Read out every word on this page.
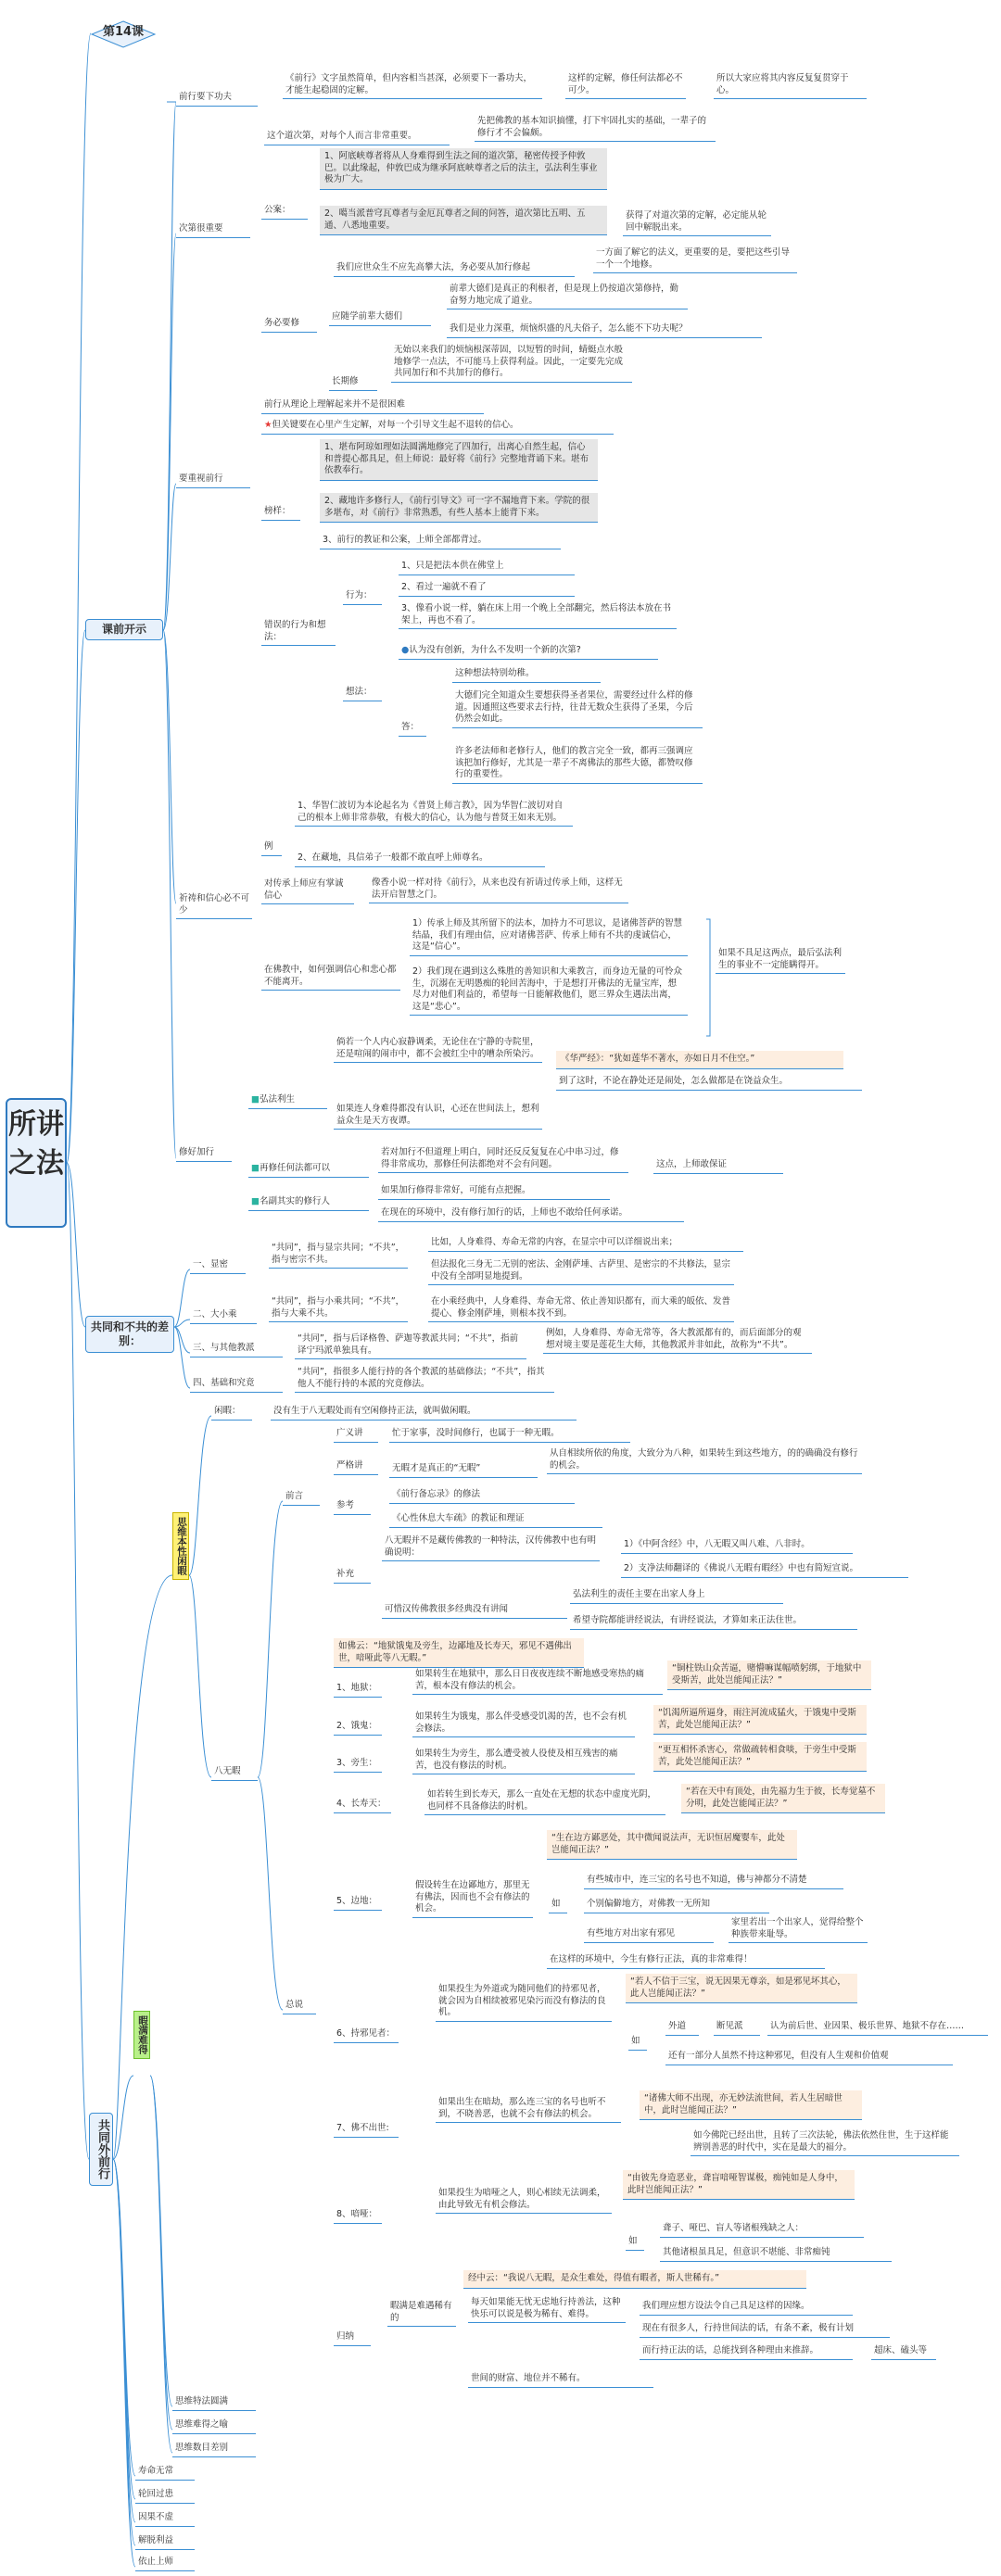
所讲之法
第14课
前行要下功夫
《前行》文字虽然简单，但内容相当甚深，必须要下一番功夫，才能生起稳固的定解。
这样的定解，修任何法都必不可少。
所以大家应将其内容反复复贯穿于心。
课前开示
次第很重要
这个道次第，对每个人而言非常重要。
先把佛教的基本知识搞懂，打下牢固扎实的基础，一辈子的修行才不会偏颇。
公案：
1、阿底峡尊者将从人身难得到生法之间的道次第，秘密传授予仲敦巴。以此缘起，仲敦巴成为继承阿底峡尊者之后的法主，弘法利生事业极为广大。
2、噶当派普穹瓦尊者与金厄瓦尊者之间的问答，道次第比五明、五通、八悉地重要。
获得了对道次第的定解，必定能从轮回中解脱出来。
务必要修
我们应世众生不应先高攀大法，务必要从加行修起
一方面了解它的法义，更重要的是，要把这些引导一个一个地修。
应随学前辈大德们
前辈大德们是真正的利根者，但是现上仍按道次第修持，勤奋努力地完成了道业。
我们是业力深重，烦恼炽盛的凡夫俗子，怎么能不下功夫呢？
长期修
无始以来我们的烦恼根深蒂固，以短暂的时间，蜻蜓点水般地修学一点法，不可能马上获得利益。因此，一定要先完成共同加行和不共加行的修行。
要重视前行
前行从理论上理解起来并不是很困难
★但关键要在心里产生定解，对每一个引导文生起不退转的信心。
榜样：
1、堪布阿琼如理如法圆满地修完了四加行，出离心自然生起，信心和普提心都具足，但上师说：最好将《前行》完整地背诵下来。堪布依教奉行。
2、藏地许多修行人，《前行引导文》可一字不漏地背下来。学院的很多堪布，对《前行》非常熟悉，有些人基本上能背下来。
3、前行的教证和公案，上师全部都背过。
错误的行为和想法：
行为：
1、只是把法本供在佛堂上
2、看过一遍就不看了
3、像看小说一样，躺在床上用一个晚上全部翻完，然后将法本放在书架上，再也不看了。
想法：
●认为没有创新，为什么不发明一个新的次第?
答：
这种想法特别幼稚。
大德们完全知道众生要想获得圣者果位，需要经过什么样的修道。因通照这些要求去行持，往昔无数众生获得了圣果，今后仍然会如此。
许多老法师和老修行人，他们的教言完全一致，都再三强调应该把加行修好，尤其是一辈子不离佛法的那些大德，都赞叹修行的重要性。
祈祷和信心必不可少
1、华智仁波切为本论起名为《普贤上师言教》，因为华智仁波切对自己的根本上师非常恭敬，有极大的信心，认为他与普贤王如来无别。
例
2、在藏地，具信弟子一般都不敢直呼上师尊名。
对传承上师应有掌诚信心
像香小说一样对待《前行》，从来也没有祈请过传承上师，这样无法开启智慧之门。
在佛教中，如何强调信心和悲心都不能离开。
1）传承上师及其所留下的法本，加持力不可思议，是诸佛菩萨的智慧结晶，我们有理由信，应对诸佛菩萨、传承上师有不共的虔诚信心，这是“信心”。
2）我们现在遇到这么殊胜的善知识和大乘教言，而身边无量的可怜众生，沉溺在无明愚痴的轮回苦海中，于是想打开佛法的无量宝库，想尽力对他们利益的，希望每一日能解救他们，愿三界众生遇法出离，这是“悲心”。
如果不具足这两点，最后弘法利生的事业不一定能瞒得开。
修好加行
■弘法利生
倘若一个人内心寂静调柔，无论住在宁静的寺院里，还是喧闹的闹市中，都不会被红尘中的嘈杂所染污。	《华严经》：“犹如莲华不著水，亦如日月不住空。”
到了这时，不论在静处还是闹处，怎么做都是在饶益众生。
如果连人身难得都没有认识，心还在世间法上，想利益众生是天方夜谭。
■再修任何法都可以
若对加行不但道理上明白，同时还反反复复在心中串习过，修得非常成功，那修任何法都绝对不会有问题。	这点，上师敢保证
■名副其实的修行人
如果加行修得非常好，可能有点把握。
在现在的环境中，没有修行加行的话，上师也不敢给任何承诺。
共同和不共的差别：
一、显密
“共同”，指与显宗共同；“不共”，指与密宗不共。
比如，人身难得、寿命无常的内容，在显宗中可以详细说出来；
但法报化三身无二无别的密法、金刚萨埵、古萨里、是密宗的不共修法，显宗中没有全部明显地提到。
二、大小乘
“共同”，指与小乘共同；“不共”，指与大乘不共。
在小乘经典中，人身难得、寿命无常、依止善知识都有，而大乘的皈依、发普提心、修金刚萨埵，则根本找不到。
三、与其他教派
“共同”，指与后译格鲁、萨迦等教派共同；“不共”，指前译宁玛派单独具有。
例如，人身难得、寿命无常等，各大教派都有的，而后面部分的观想对境主要是莲花生大师，其他教派并非如此，故称为“不共”。
四、基础和究竟
“共同”，指很多人能行持的各个教派的基础修法；“不共”，指其他人不能行持的本派的究竟修法。
思维本性闲暇
暇满难得
共同外前行
闲暇：	没有生于八无暇处而有空闲修持正法，就叫做闲暇。
前言
广义讲	忙于家事，没时间修行，也属于一种无暇。
严格讲	无暇才是真正的“无暇”
从自相续所依的角度，大致分为八种，如果转生到这些地方，的的确确没有修行的机会。
参考
《前行备忘录》的修法
《心性休息大车疏》的教证和理证
补充
八无暇并不是藏传佛教的一种特法，汉传佛教中也有明确说明：
1）《中阿含经》中，八无暇又叫八难、八非时。
2）支净法师翻译的《佛说八无暇有暇经》中也有简短宣说。
可惜汉传佛教很多经典没有讲闻
弘法利生的责任主要在出家人身上
希望寺院都能讲经说法，有讲经说法，才算如来正法住世。
八无暇
总说
如佛云：“地狱饿鬼及旁生，边鄙地及长寿天，邪见不遇佛出世，喑哑此等八无暇。”
1、地狱：
如果转生在地狱中，那么日日夜夜连续不断地感受寒热的痛苦，根本没有修法的机会。
“铜柱铁山众苦逼，赌懵嘛谋幅喷躬绑，于地狱中受斯苦，此处岂能闻正法？”
2、饿鬼：
如果转生为饿鬼，那么伴受感受饥渴的苦，也不会有机会修法。
“饥渴所逼所逼身，雨注河流成猛火，于饿鬼中受斯苦，此处岂能闻正法？”
3、旁生：
如果转生为旁生，那么遭受被人役使及相互残害的痛苦，也没有修法的时机。
“更互相怀杀害心，常做疏转相食啖，于旁生中受斯苦，此处岂能闻正法？”
4、长寿天：
如若转生到长寿天，那么一直处在无想的状态中虚度光阴，也同样不具备修法的时机。
“若在天中有顶处，由先福力生于彼，长寿觉墓不分明，此处岂能闻正法？”
5、边地：
假设转生在边鄙地方，那里无有佛法，因而也不会有修法的机会。
“生在边方鄙恶处，其中微闻说法声，无识恒居魔婴车，此处岂能闻正法？”
如
有些城市中，连三宝的名号也不知道，佛与神都分不清楚
个别偏僻地方，对佛教一无所知
有些地方对出家有邪见
家里若出一个出家人，觉得给整个种族带来耻辱。
在这样的环境中，今生有修行正法，真的非常难得！
6、持邪见者：
如果投生为外道或为随同他们的持邪见者，就会因为自相续被邪见染污而没有修法的良机。
“若人不信于三宝，说无因果无尊亲，如是邪见坏其心，此人岂能闻正法？”
如
外道	断见派	认为前后世、业因果、极乐世界、地狱不存在……
还有一部分人虽然不持这种邪见，但没有人生观和价值观
7、佛不出世:
如果出生在暗劫，那么连三宝的名号也听不到，不晓善恶，也就不会有修法的机会。
“诸佛大师不出现，亦无妙法流世间，若人生居暗世中，此时岂能闻正法？”
如今佛陀已经出世，且转了三次法轮，佛法依然住世，生于这样能辨别善恶的时代中，实在是最大的福分。
8、喑哑：
如果投生为喑哑之人，则心相续无法调柔，由此导致无有机会修法。
“由彼先身造恶业，聋盲喑哑智谋极，痴钝如是人身中，此时岂能闻正法？”
如
聋子、哑巴、盲人等诸根残缺之人：
其他诸根虽具足，但意识不堪能、非常痴钝
归纳
经中云：“我说八无暇，是众生难处，得值有暇者，斯人世稀有。”
暇满是难遇稀有的
每天如果能无忧无虑地行持善法，这种快乐可以说是极为稀有、难得。
我们理应想方设法令自己具足这样的因缘。
现在有很多人，行持世间法的话，有条不紊，极有计划
而行持正法的话，总能找到各种理由来推辞。	超床、磕头等
世间的财富、地位并不稀有。
思维特法圆满
思维难得之喻
思维数目差别
寿命无常
轮回过患
因果不虚
解脱利益
依止上师
